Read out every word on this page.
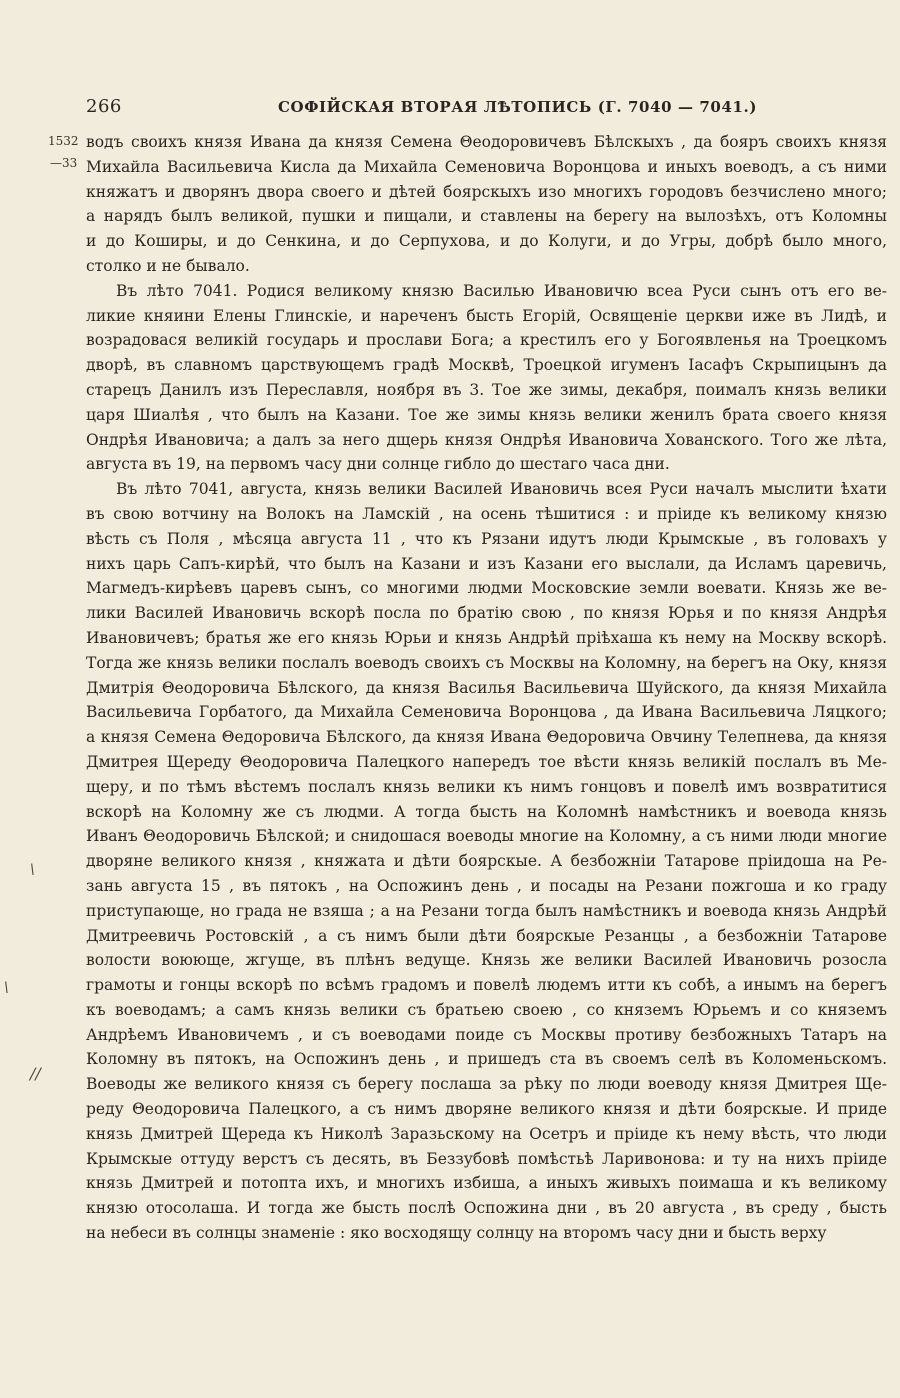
266	СОФІЙСКАЯ ВТОРАЯ ЛѢТОПИСЬ (Г. 7040 — 7041.)
1532
—33
\
\
//
водъ своихъ князя Ивана да князя Семена Θеодоровичевъ Бѣлскыхъ , да бояръ своихъ князя
Михайла Васильевича Кисла да Михайла Семеновича Воронцова и иныхъ воеводъ, а съ ними
княжатъ и дворянъ двора своего и дѣтей боярскыхъ изо многихъ городовъ безчислено много;
а нарядъ былъ великой, пушки и пищали, и ставлены на берегу на вылозѣхъ, отъ Коломны
и до Коширы, и до Сенкина, и до Серпухова, и до Колуги, и до Угры, добрѣ было много,
столко и не бывало.
Въ лѣто 7041. Родися великому князю Василью Ивановичю всеа Руси сынъ отъ его ве-
ликие княини Елены Глинскіе, и нареченъ бысть Егорій, Освященіе церкви иже въ Лидѣ, и
возрадовася великій государь и прослави Бога; а крестилъ его у Богоявленья на Троецкомъ
дворѣ, въ славномъ царствующемъ градѣ Москвѣ, Троецкой игуменъ Іасафъ Скрыпицынъ да
старецъ Данилъ изъ Переславля, ноября въ 3. Тое же зимы, декабря, поималъ князь велики
царя Шиалѣя , что былъ на Казани. Тое же зимы князь велики женилъ брата своего князя
Ондрѣя Ивановича; а далъ за него дщерь князя Ондрѣя Ивановича Хованского. Того же лѣта,
августа въ 19, на первомъ часу дни солнце гибло до шестаго часа дни.
Въ лѣто 7041, августа, князь велики Василей Ивановичь всея Руси началъ мыслити ѣхати
въ свою вотчину на Волокъ на Ламскій , на осень тѣшитися : и пріиде къ великому князю
вѣсть съ Поля , мѣсяца августа 11 , что къ Рязани идутъ люди Крымскые , въ головахъ у
нихъ царь Сапъ-кирѣй, что былъ на Казани и изъ Казани его выслали, да Исламъ царевичь,
Магмедъ-кирѣевъ царевъ сынъ, со многими людми Московские земли воевати. Князь же ве-
лики Василей Ивановичь вскорѣ посла по братію свою , по князя Юрья и по князя Андрѣя
Ивановичевъ; братья же его князь Юрьи и князь Андрѣй пріѣхаша къ нему на Москву вскорѣ.
Тогда же князь велики послалъ воеводъ своихъ съ Москвы на Коломну, на берегъ на Оку, князя
Дмитрія Θеодоровича Бѣлского, да князя Василья Васильевича Шуйского, да князя Михайла
Васильевича Горбатого, да Михайла Семеновича Воронцова , да Ивана Васильевича Ляцкого;
а князя Семена Θедоровича Бѣлского, да князя Ивана Θедоровича Овчину Телепнева, да князя
Дмитрея Щереду Θеодоровича Палецкого напередъ тое вѣсти князь великій послалъ въ Ме-
щеру, и по тѣмъ вѣстемъ послалъ князь велики къ нимъ гонцовъ и повелѣ имъ возвратитися
вскорѣ на Коломну же съ людми. А тогда бысть на Коломнѣ намѣстникъ и воевода князь
Иванъ Θеодоровичь Бѣлской; и снидошася воеводы многие на Коломну, а съ ними люди многие
дворяне великого князя , княжата и дѣти боярскые. А безбожніи Татарове пріидоша на Ре-
зань августа 15 , въ пятокъ , на Оспожинъ день , и посады на Резани пожгоша и ко граду
приступающе, но града не взяша ; а на Резани тогда былъ намѣстникъ и воевода князь Андрѣй
Дмитреевичь Ростовскій , а съ нимъ были дѣти боярскые Резанцы , а безбожніи Татарове
волости воююще, жгуще, въ плѣнъ ведуще. Князь же велики Василей Ивановичь розосла
грамоты и гонцы вскорѣ по всѣмъ градомъ и повелѣ людемъ итти къ собѣ, а инымъ на берегъ
къ воеводамъ; а самъ князь велики съ братьею своею , со княземъ Юрьемъ и со княземъ
Андрѣемъ Ивановичемъ , и съ воеводами поиде съ Москвы противу безбожныхъ Татаръ на
Коломну въ пятокъ, на Оспожинъ день , и пришедъ ста въ своемъ селѣ въ Коломеньскомъ.
Воеводы же великого князя съ берегу послаша за рѣку по люди воеводу князя Дмитрея Ще-
реду Θеодоровича Палецкого, а съ нимъ дворяне великого князя и дѣти боярскые. И приде
князь Дмитрей Щереда къ Николѣ Заразьскому на Осетръ и пріиде къ нему вѣсть, что люди
Крымскые оттуду верстъ съ десять, въ Беззубовѣ помѣстьѣ Ларивонова: и ту на нихъ пріиде
князь Дмитрей и потопта ихъ, и многихъ избиша, а иныхъ живыхъ поимаша и къ великому
князю отосолаша. И тогда же бысть послѣ Оспожина дни , въ 20 августа , въ среду , бысть
на небеси въ солнцы знаменіе : яко восходящу солнцу на второмъ часу дни и бысть верху
